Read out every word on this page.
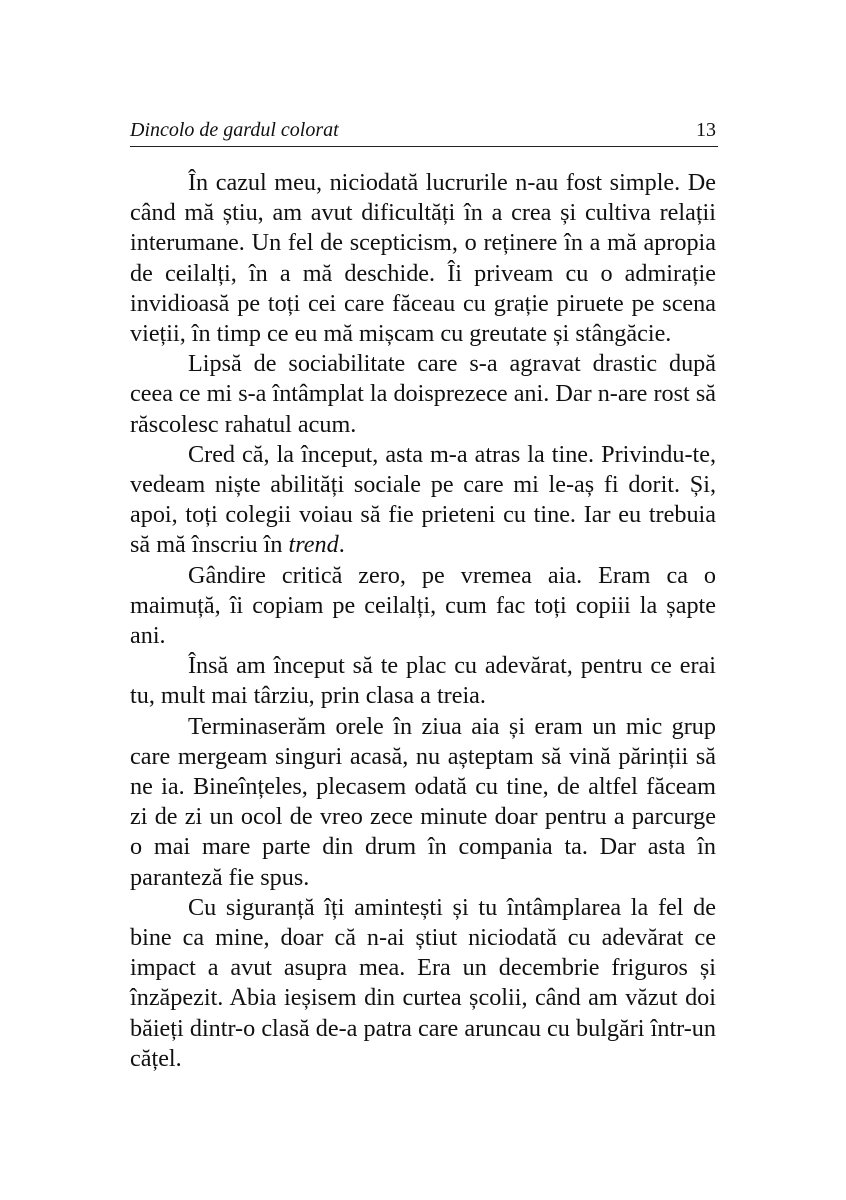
Dincolo de gardul colorat	13

În cazul meu, niciodată lucrurile n-au fost simple. De când mă știu, am avut dificultăți în a crea și cultiva relații interumane. Un fel de scepticism, o reținere în a mă apropia de ceilalți, în a mă deschide. Îi priveam cu o admirație invidioasă pe toți cei care făceau cu grație piruete pe scena vieții, în timp ce eu mă mișcam cu greutate și stângăcie.

Lipsă de sociabilitate care s-a agravat drastic după ceea ce mi s-a întâmplat la doisprezece ani. Dar n-are rost să răscolesc rahatul acum.

Cred că, la început, asta m-a atras la tine. Privindu-te, vedeam niște abilități sociale pe care mi le-aș fi dorit. Și, apoi, toți colegii voiau să fie prieteni cu tine. Iar eu trebuia să mă înscriu în trend.

Gândire critică zero, pe vremea aia. Eram ca o maimuță, îi copiam pe ceilalți, cum fac toți copiii la șapte ani.

Însă am început să te plac cu adevărat, pentru ce erai tu, mult mai târziu, prin clasa a treia.

Terminaserăm orele în ziua aia și eram un mic grup care mergeam singuri acasă, nu așteptam să vină părinții să ne ia. Bineînțeles, plecasem odată cu tine, de altfel făceam zi de zi un ocol de vreo zece minute doar pentru a parcurge o mai mare parte din drum în compania ta. Dar asta în paranteză fie spus.

Cu siguranță îți amintești și tu întâmplarea la fel de bine ca mine, doar că n-ai știut niciodată cu adevărat ce impact a avut asupra mea. Era un decembrie friguros și înzăpezit. Abia ieșisem din curtea școlii, când am văzut doi băieți dintr-o clasă de-a patra care aruncau cu bulgări într-un cățel.
